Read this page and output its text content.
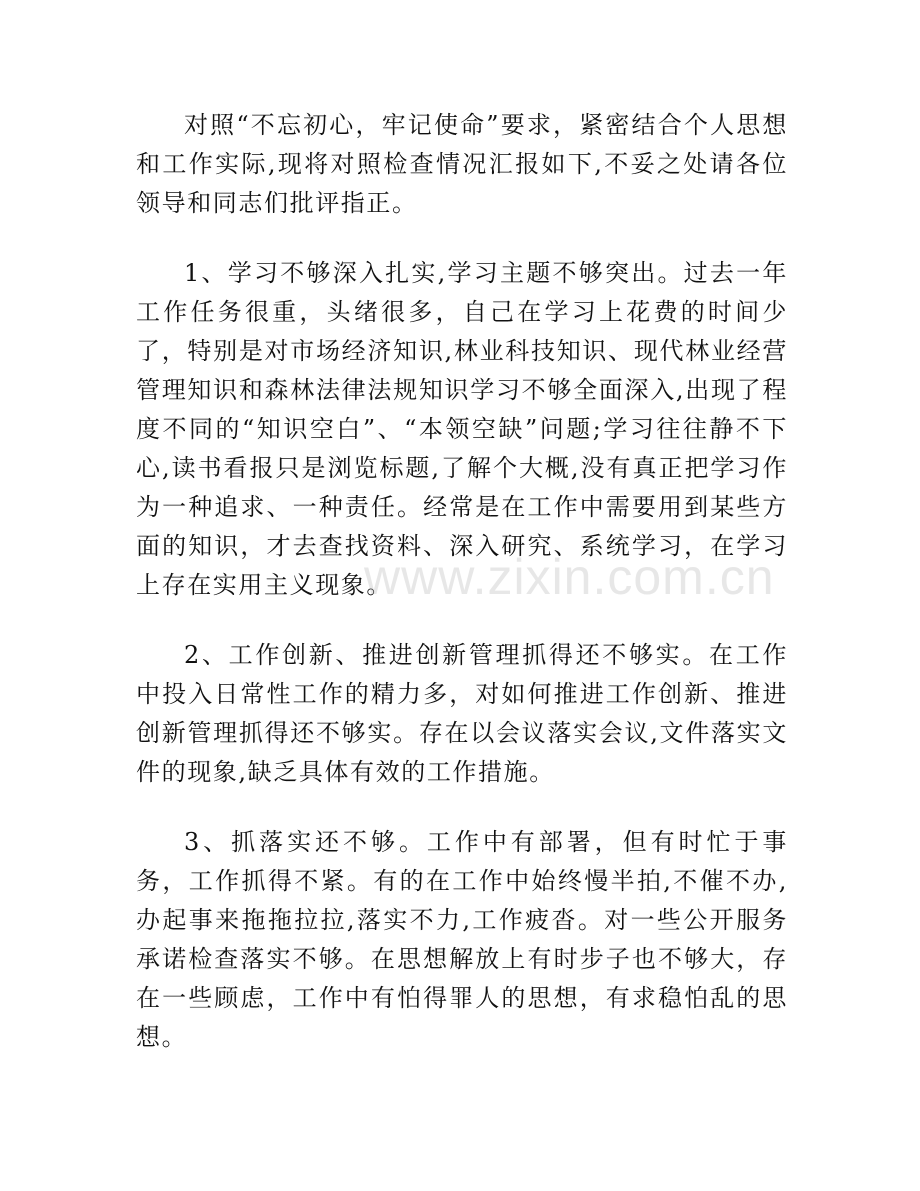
对照“不忘初心，牢记使命”要求，紧密结合个人思想和工作实际,现将对照检查情况汇报如下,不妥之处请各位领导和同志们批评指正。

1、学习不够深入扎实,学习主题不够突出。过去一年工作任务很重，头绪很多，自己在学习上花费的时间少了，特别是对市场经济知识,林业科技知识、现代林业经营管理知识和森林法律法规知识学习不够全面深入,出现了程度不同的“知识空白”、“本领空缺”问题;学习往往静不下心,读书看报只是浏览标题,了解个大概,没有真正把学习作为一种追求、一种责任。经常是在工作中需要用到某些方面的知识，才去查找资料、深入研究、系统学习，在学习上存在实用主义现象。

2、工作创新、推进创新管理抓得还不够实。在工作中投入日常性工作的精力多，对如何推进工作创新、推进创新管理抓得还不够实。存在以会议落实会议,文件落实文件的现象,缺乏具体有效的工作措施。

3、抓落实还不够。工作中有部署，但有时忙于事务，工作抓得不紧。有的在工作中始终慢半拍,不催不办,办起事来拖拖拉拉,落实不力,工作疲沓。对一些公开服务承诺检查落实不够。在思想解放上有时步子也不够大，存在一些顾虑，工作中有怕得罪人的思想，有求稳怕乱的思想。

www.zixin.com.cn
